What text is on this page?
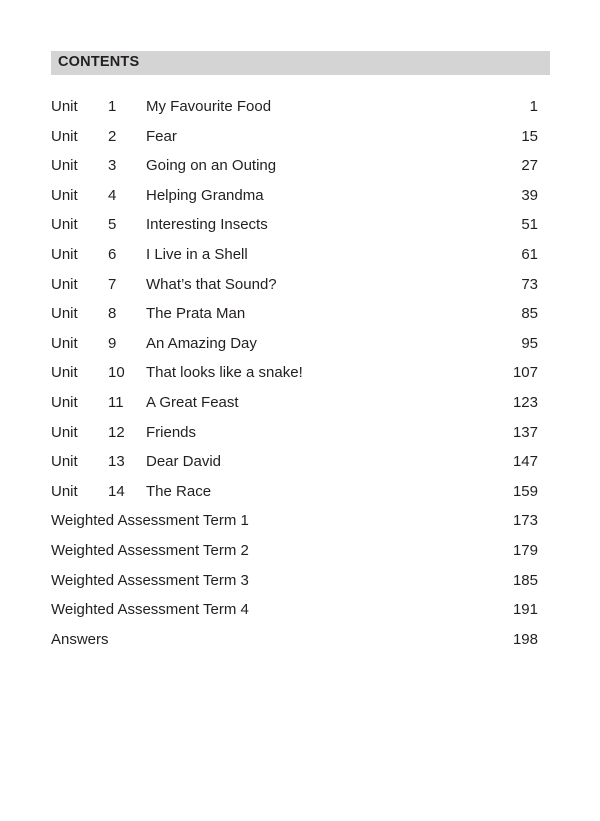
CONTENTS
Unit 1 My Favourite Food	1
Unit 2 Fear	15
Unit 3 Going on an Outing	27
Unit 4 Helping Grandma	39
Unit 5 Interesting Insects	51
Unit 6 I Live in a Shell	61
Unit 7 What’s that Sound?	73
Unit 8 The Prata Man	85
Unit 9 An Amazing Day	95
Unit 10 That looks like a snake!	107
Unit 11 A Great Feast	123
Unit 12 Friends	137
Unit 13 Dear David	147
Unit 14 The Race	159
Weighted Assessment Term 1	173
Weighted Assessment Term 2	179
Weighted Assessment Term 3	185
Weighted Assessment Term 4	191
Answers	198
